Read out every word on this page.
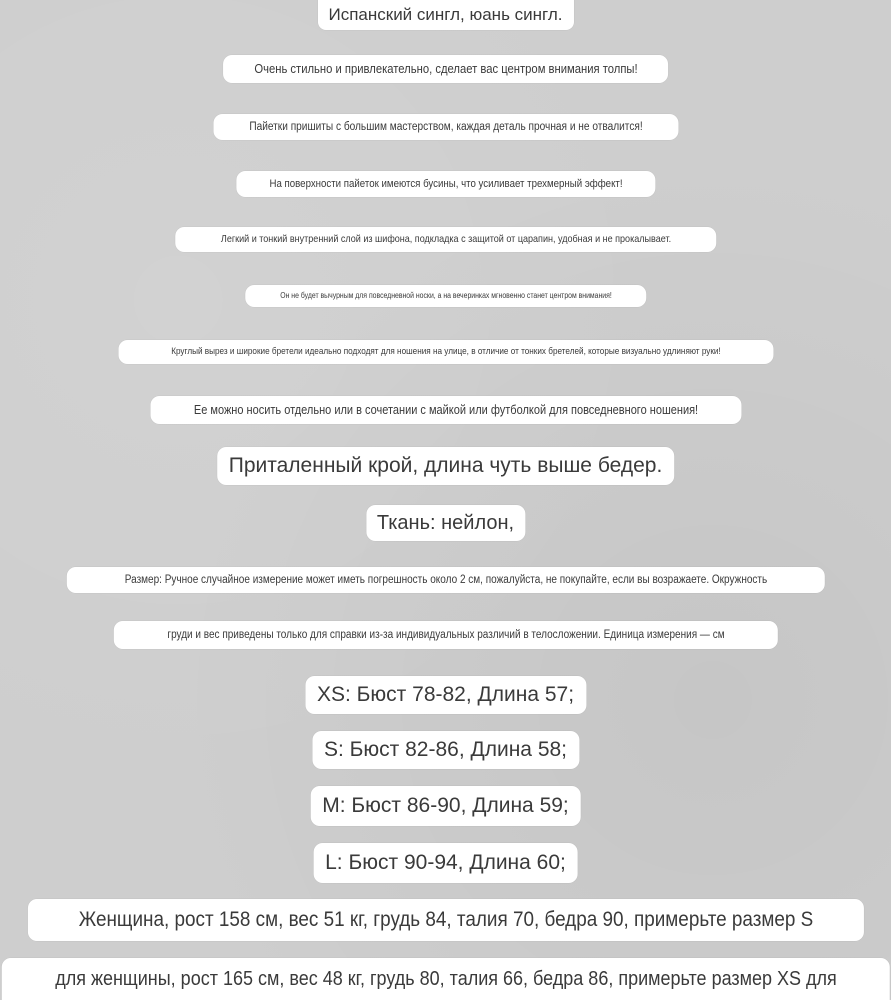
Испанский сингл, юань сингл.
Очень стильно и привлекательно, сделает вас центром внимания толпы!
Пайетки пришиты с большим мастерством, каждая деталь прочная и не отвалится!
На поверхности пайеток имеются бусины, что усиливает трехмерный эффект!
Легкий и тонкий внутренний слой из шифона, подкладка с защитой от царапин, удобная и не прокалывает.
Он не будет вычурным для повседневной носки, а на вечеринках мгновенно станет центром внимания!
Круглый вырез и широкие бретели идеально подходят для ношения на улице, в отличие от тонких бретелей, которые визуально удлиняют руки!
Ее можно носить отдельно или в сочетании с майкой или футболкой для повседневного ношения!
Приталенный крой, длина чуть выше бедер.
Ткань: нейлон,
Размер: Ручное случайное измерение может иметь погрешность около 2 см, пожалуйста, не покупайте, если вы возражаете. Окружность
груди и вес приведены только для справки из-за индивидуальных различий в телосложении. Единица измерения — см
XS: Бюст 78-82, Длина 57;
S: Бюст 82-86, Длина 58;
M: Бюст 86-90, Длина 59;
L: Бюст 90-94, Длина 60;
Женщина, рост 158 см, вес 51 кг, грудь 84, талия 70, бедра 90, примерьте размер S
для женщины, рост 165 см, вес 48 кг, грудь 80, талия 66, бедра 86, примерьте размер XS для
